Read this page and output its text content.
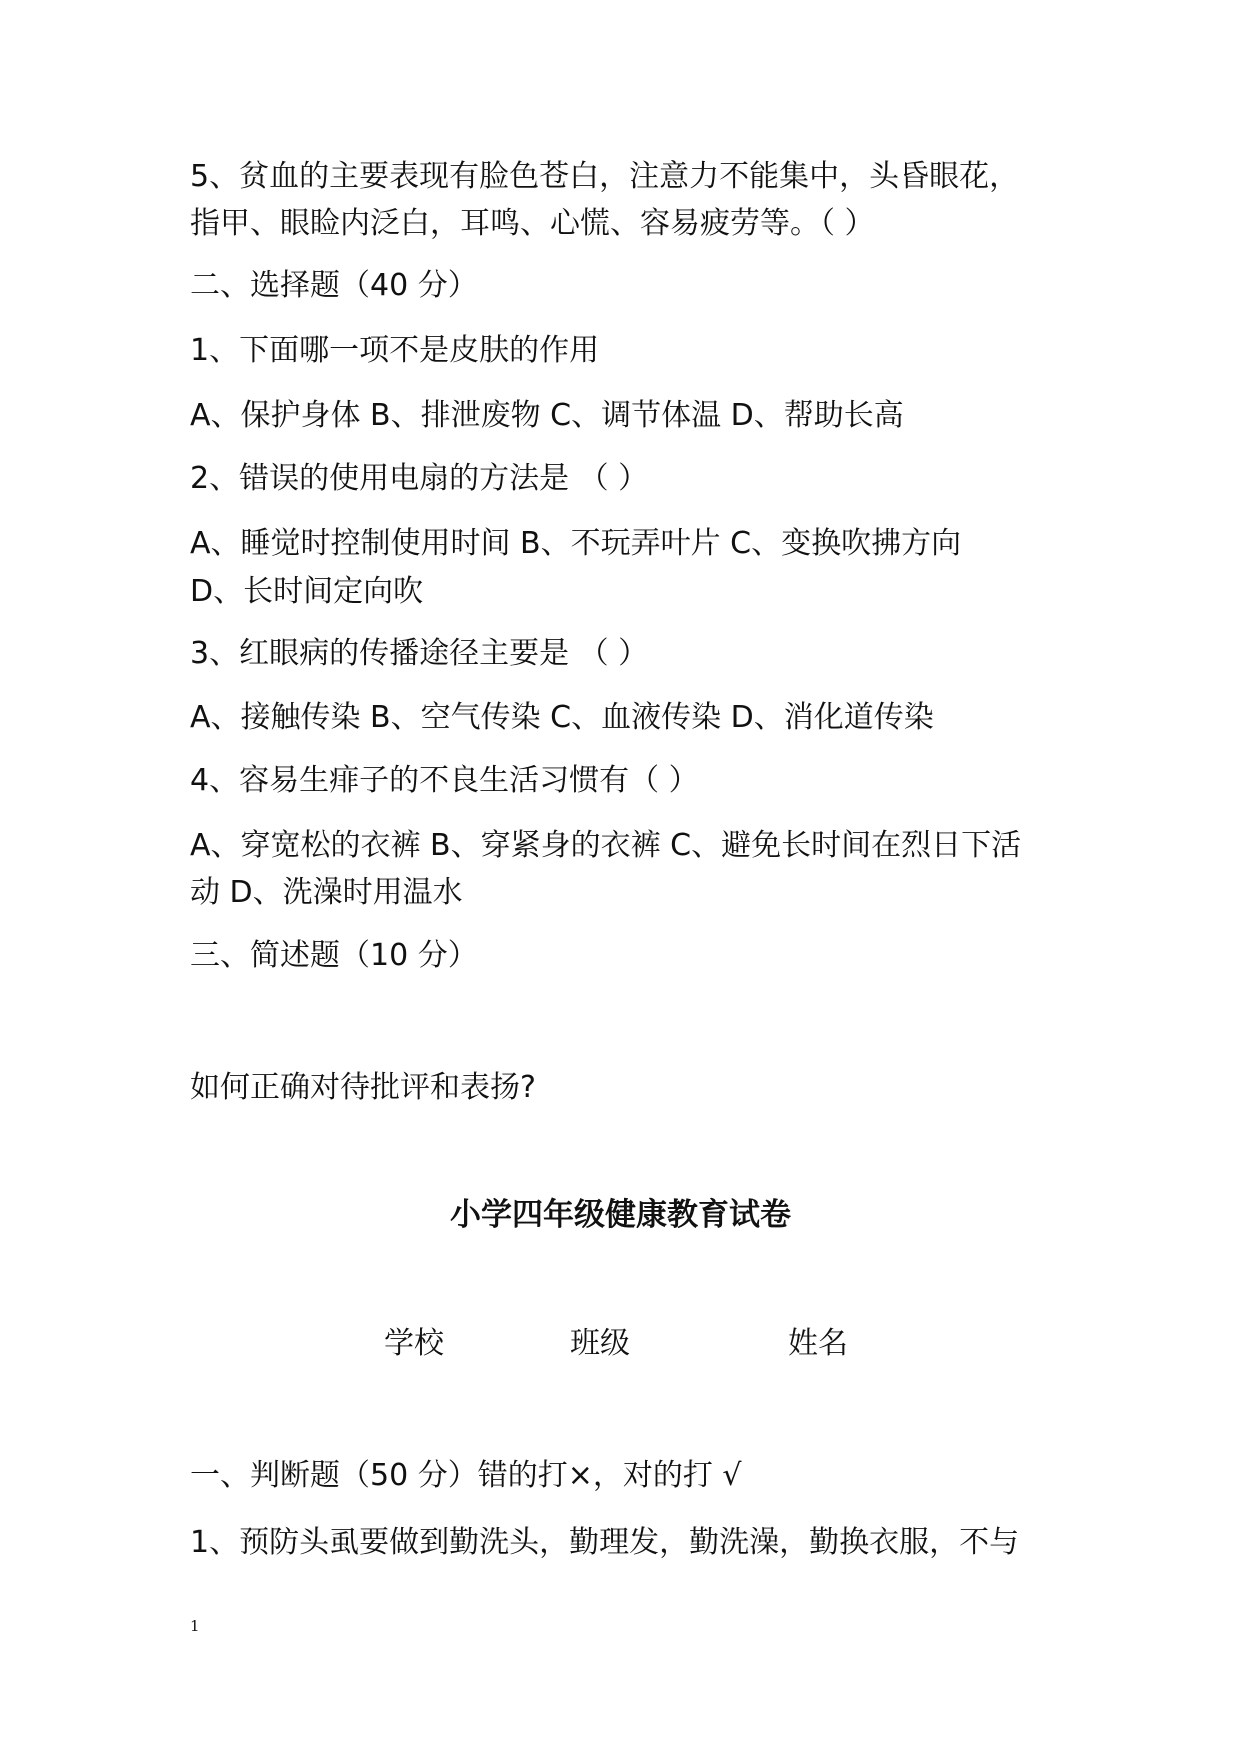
5、贫血的主要表现有脸色苍白，注意力不能集中，头昏眼花，
指甲、眼睑内泛白，耳鸣、心慌、容易疲劳等。（ ）
二、选择题（40 分）
1、下面哪一项不是皮肤的作用
A、保护身体 B、排泄废物 C、调节体温 D、帮助长高
2、错误的使用电扇的方法是 （ ）
A、睡觉时控制使用时间 B、不玩弄叶片 C、变换吹拂方向
D、长时间定向吹
3、红眼病的传播途径主要是 （ ）
A、接触传染 B、空气传染 C、血液传染 D、消化道传染
4、容易生痱子的不良生活习惯有（ ）
A、穿宽松的衣裤 B、穿紧身的衣裤 C、避免长时间在烈日下活
动 D、洗澡时用温水
三、简述题（10 分）
如何正确对待批评和表扬?
小学四年级健康教育试卷
学校	班级	姓名
一、判断题（50 分）错的打×，对的打 √
1、预防头虱要做到勤洗头，勤理发，勤洗澡，勤换衣服，不与
1
